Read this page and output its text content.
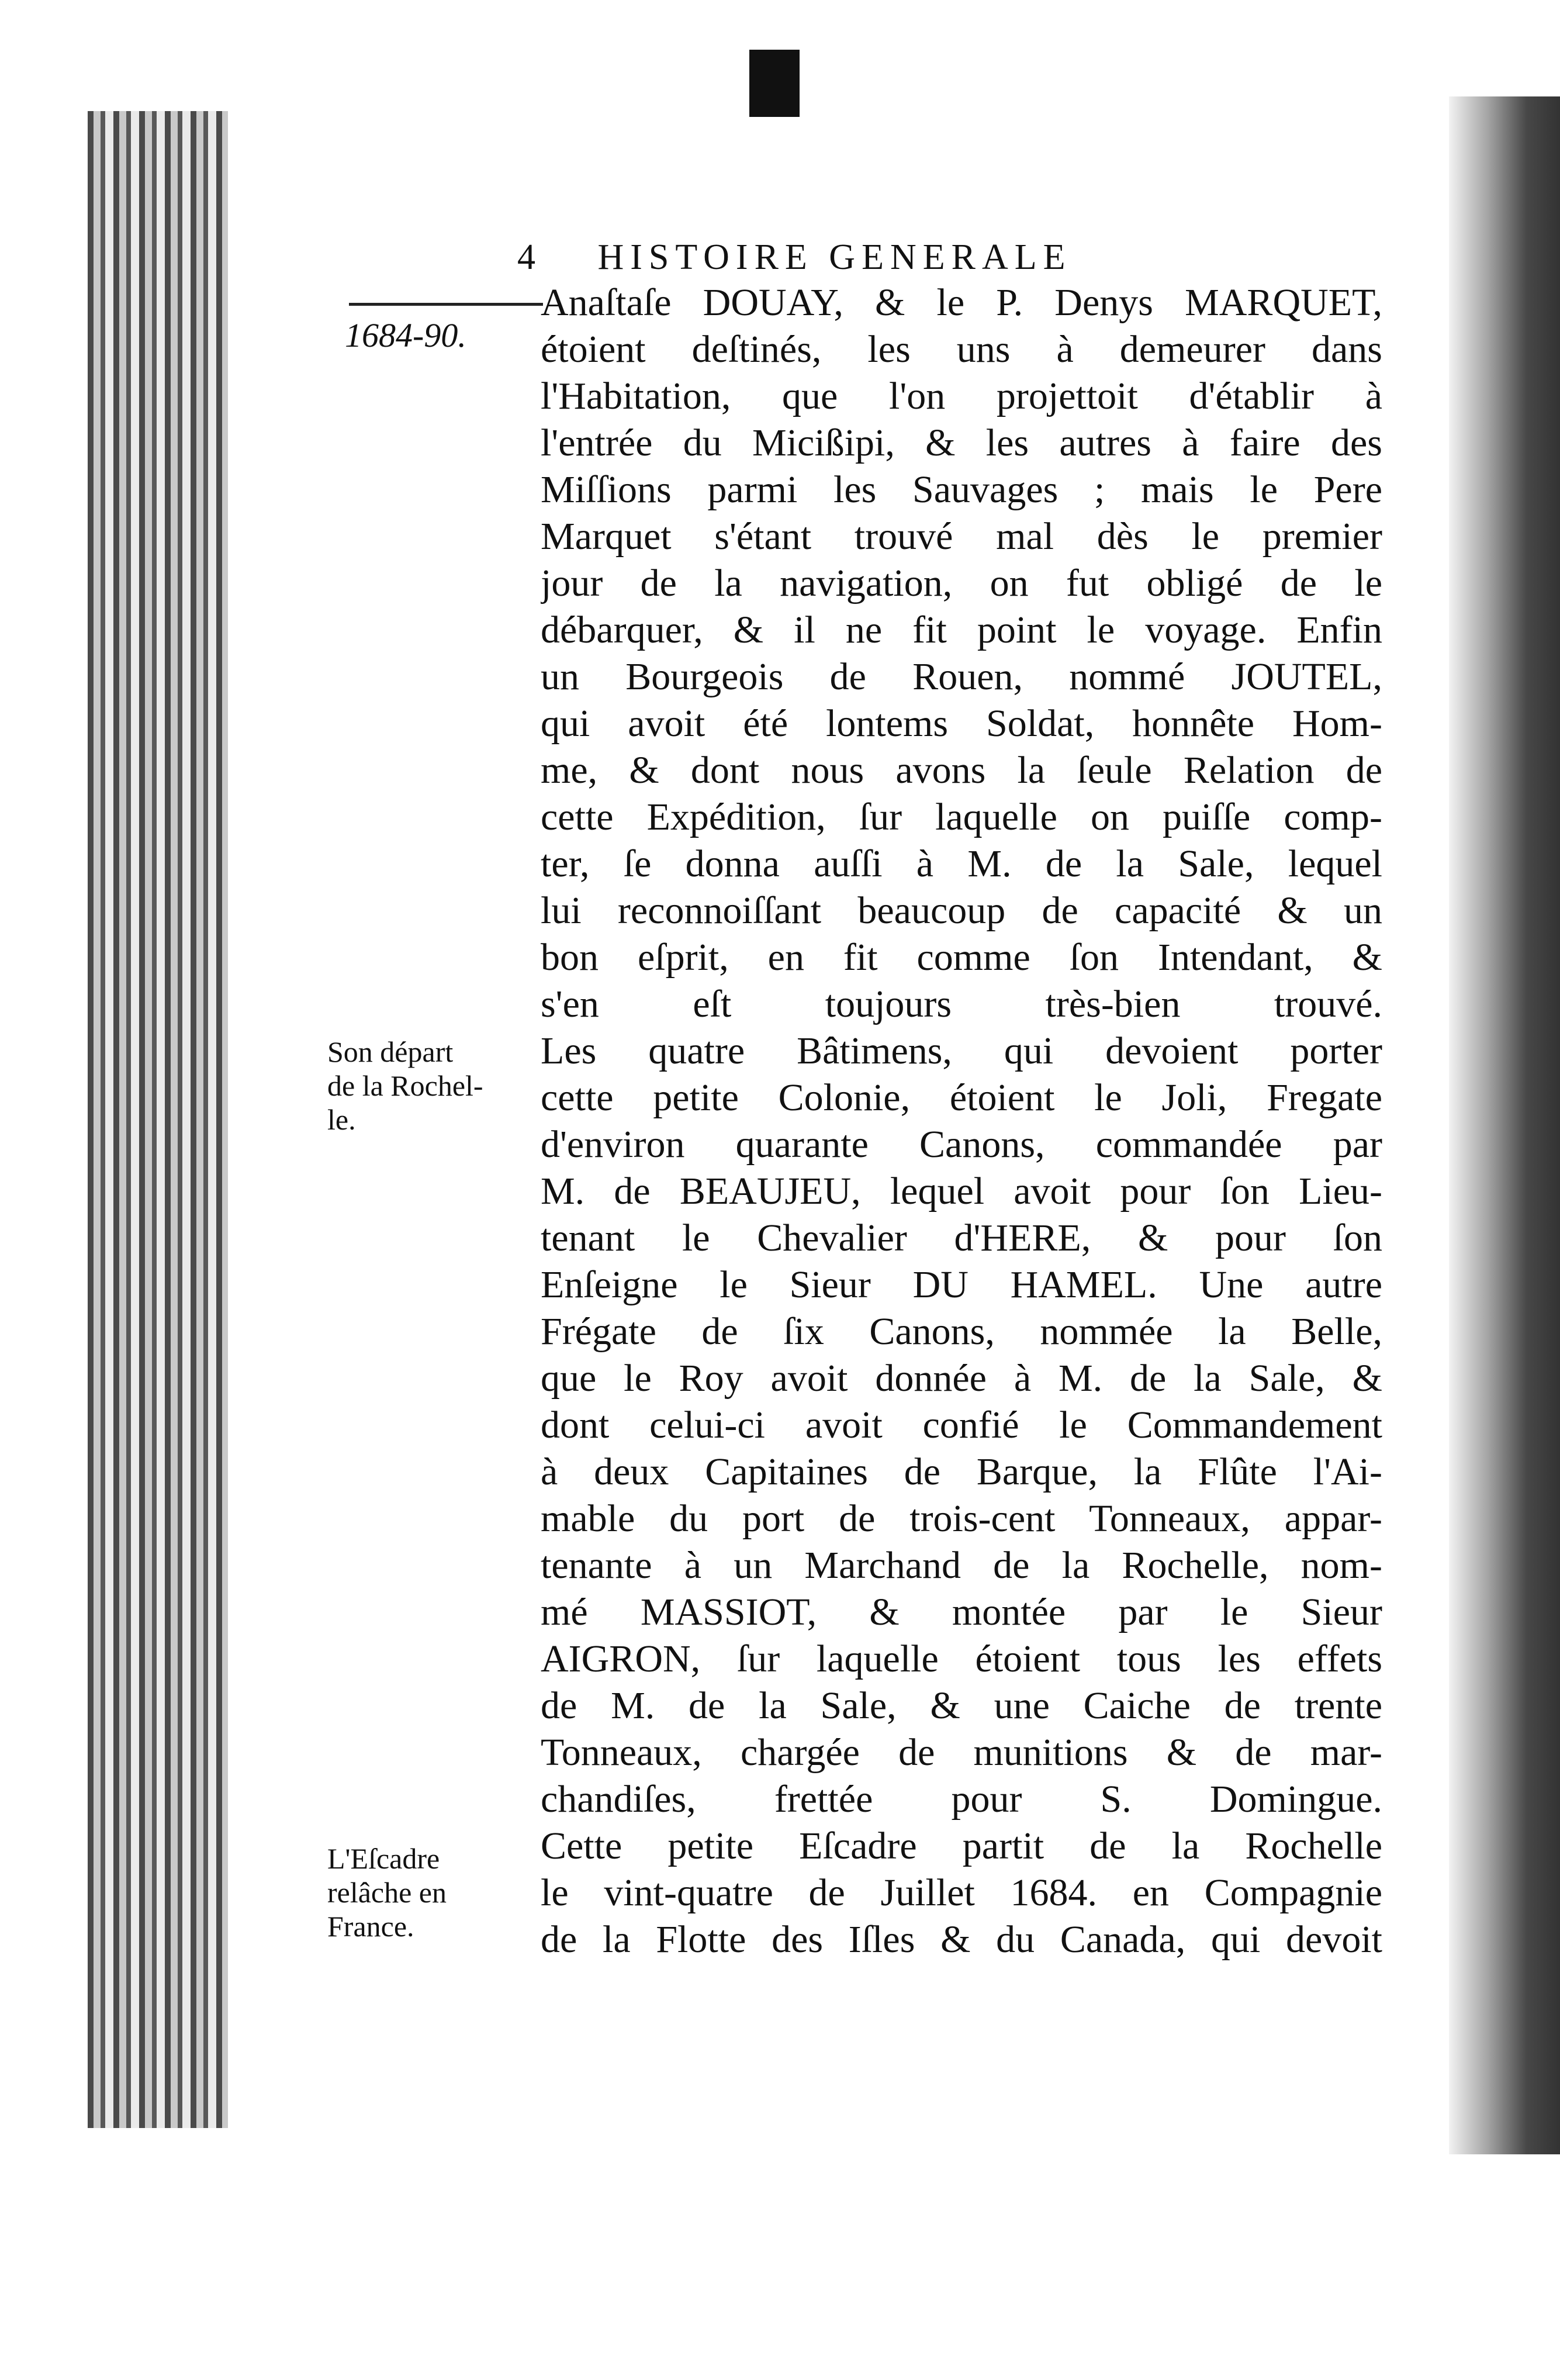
4 HISTOIRE GENERALE
1684-90.
Anaſtaſe DOUAY, & le P. Denys MARQUET,
étoient deſtinés, les uns à demeurer dans
l'Habitation, que l'on projettoit d'établir à
l'entrée du Micißipi, & les autres à faire des
Miſſions parmi les Sauvages ; mais le Pere
Marquet s'étant trouvé mal dès le premier
jour de la navigation, on fut obligé de le
débarquer, & il ne fit point le voyage. Enfin
un Bourgeois de Rouen, nommé JOUTEL,
qui avoit été lontems Soldat, honnête Hom-
me, & dont nous avons la ſeule Relation de
cette Expédition, ſur laquelle on puiſſe comp-
ter, ſe donna auſſi à M. de la Sale, lequel
lui reconnoiſſant beaucoup de capacité & un
bon eſprit, en fit comme ſon Intendant, &
s'en eſt toujours très-bien trouvé.
Les quatre Bâtimens, qui devoient porter
cette petite Colonie, étoient le Joli, Fregate
d'environ quarante Canons, commandée par
M. de BEAUJEU, lequel avoit pour ſon Lieu-
tenant le Chevalier d'HERE, & pour ſon
Enſeigne le Sieur DU HAMEL. Une autre
Frégate de ſix Canons, nommée la Belle,
que le Roy avoit donnée à M. de la Sale, &
dont celui-ci avoit confié le Commandement
à deux Capitaines de Barque, la Flûte l'Ai-
mable du port de trois-cent Tonneaux, appar-
tenante à un Marchand de la Rochelle, nom-
mé MASSIOT, & montée par le Sieur
AIGRON, ſur laquelle étoient tous les effets
de M. de la Sale, & une Caiche de trente
Tonneaux, chargée de munitions & de mar-
chandiſes, frettée pour S. Domingue.
Cette petite Eſcadre partit de la Rochelle
le vint-quatre de Juillet 1684. en Compagnie
de la Flotte des Iſles & du Canada, qui devoit
Son départ
de la Rochel-
le.
L'Eſcadre
relâche en
France.
